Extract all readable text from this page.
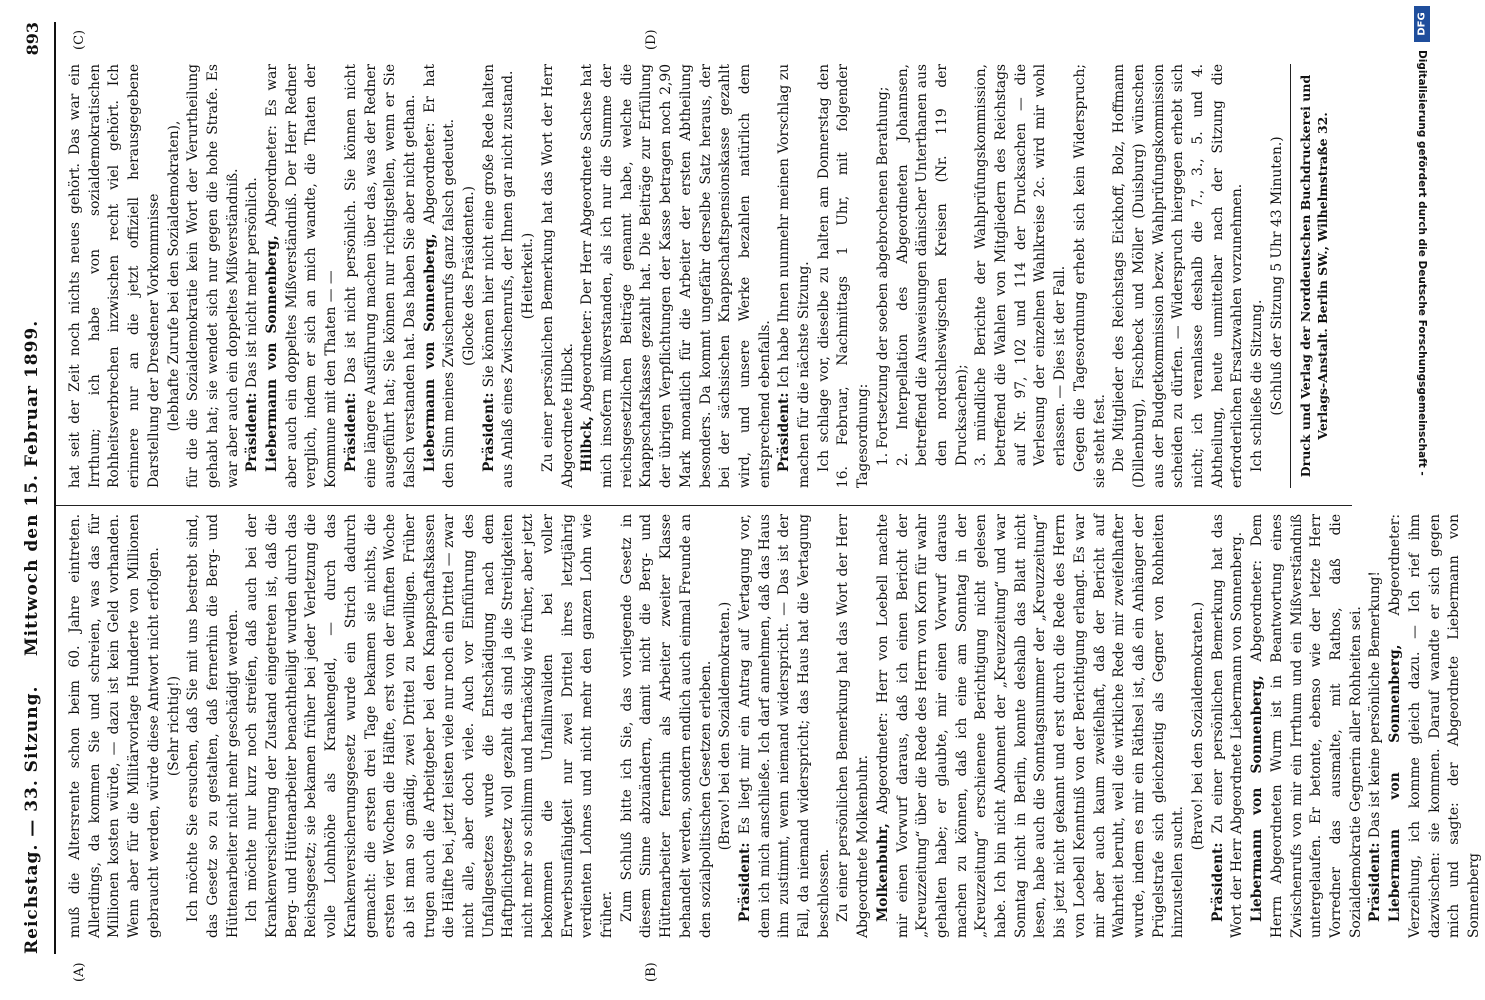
Reichstag. — 33. Sitzung.
Mittwoch den 15. Februar 1899.
893
(A)	(B)
(C)	(D)

muß die Altersrente schon beim 60. Jahre eintreten. Allerdings, da kommen Sie und schreien, was das für Millionen kosten würde, — dazu ist kein Geld vorhanden. Wenn aber für die Militärvorlage Hunderte von Millionen gebraucht werden, würde diese Antwort nicht erfolgen. (Sehr richtig!) Ich möchte Sie ersuchen, daß Sie mit uns bestrebt sind, das Gesetz so zu gestalten, daß fernerhin die Berg- und Hüttenarbeiter nicht mehr geschädigt werden. Ich möchte nur kurz noch streifen, daß auch bei der Krankenversicherung der Zustand eingetreten ist, daß die Berg- und Hüttenarbeiter benachtheiligt wurden durch das Reichsgesetz; sie bekamen früher bei jeder Verletzung die volle Lohnhöhe als Krankengeld, — durch das Krankenversicherungsgesetz wurde ein Strich dadurch gemacht: die ersten drei Tage bekamen sie nichts, die ersten vier Wochen die Hälfte, erst von der fünften Woche ab ist man so gnädig, zwei Drittel zu bewilligen. Früher trugen auch die Arbeitgeber bei den Knappschaftskassen die Hälfte bei, jetzt leisten viele nur noch ein Drittel — zwar nicht alle, aber doch viele. Auch vor Einführung des Unfallgesetzes wurde die Entschädigung nach dem Haftpflichtgesetz voll gezahlt da sind ja die Streitigkeiten nicht mehr so schlimm und hartnäckig wie früher, aber jetzt bekommen die Unfallinvaliden bei voller Erwerbsunfähigkeit nur zwei Drittel ihres letztjährig verdienten Lohnes und nicht mehr den ganzen Lohn wie früher. Zum Schluß bitte ich Sie, das vorliegende Gesetz in diesem Sinne abzuändern, damit nicht die Berg- und Hüttenarbeiter fernerhin als Arbeiter zweiter Klasse behandelt werden, sondern endlich auch einmal Freunde an den sozialpolitischen Gesetzen erleben. (Bravo! bei den Sozialdemokraten.)

Präsident: Es liegt mir ein Antrag auf Vertagung vor, dem ich mich anschließe. Ich darf annehmen, daß das Haus ihm zustimmt, wenn niemand widerspricht. — Das ist der Fall, da niemand widerspricht; das Haus hat die Vertagung beschlossen. Zu einer persönlichen Bemerkung hat das Wort der Herr Abgeordnete Molkenbuhr. Molkenbuhr, Abgeordneter: Herr von Loebell machte mir einen Vorwurf daraus, daß ich einen Bericht der „Kreuzzeitung“ über die Rede des Herrn von Korn für wahr gehalten habe; er glaubte, mir einen Vorwurf daraus machen zu können, daß ich eine am Sonntag in der „Kreuzzeitung“ erschienene Berichtigung nicht gelesen habe. Ich bin nicht Abonnent der „Kreuzzeitung“ und war Sonntag nicht in Berlin, konnte deshalb das Blatt nicht lesen, habe auch die Sonntagsnummer der „Kreuzzeitung“ bis jetzt nicht gekannt und erst durch die Rede des Herrn von Loebell Kenntniß von der Berichtigung erlangt. Es war mir aber auch kaum zweifelhaft, daß der Bericht auf Wahrheit beruht, weil die wirkliche Rede mir zweifelhafter wurde, indem es mir ein Räthsel ist, daß ein Anhänger der Prügelstrafe sich gleichzeitig als Gegner von Rohheiten hinzustellen sucht.

(Bravo! bei den Sozialdemokraten.)

Präsident: Zu einer persönlichen Bemerkung hat das Wort der Herr Abgeordnete Liebermann von Sonnenberg. Liebermann von Sonnenberg, Abgeordneter: Dem Herrn Abgeordneten Wurm ist in Beantwortung eines Zwischenrufs von mir ein Irrthum und ein Mißverständniß untergelaufen. Er betonte, ebenso wie der letzte Herr Vorredner das ausmalte, mit Rathos, daß die Sozialdemokratie Gegnerin aller Rohheiten sei. Präsident: Das ist keine persönliche Bemerkung! Liebermann von Sonnenberg, Abgeordneter: Verzeihung, ich komme gleich dazu. — Ich rief ihm dazwischen: sie kommen. Darauf wandte er sich gegen mich und sagte: der Abgeordnete Liebermann von Sonnenberg

hat seit der Zeit noch nichts neues gehört. Das war ein Irrthum; ich habe von sozialdemokratischen Rohheitsverbrechen inzwischen recht viel gehört. Ich erinnere nur an die jetzt offiziell herausgegebene Darstellung der Dresdener Vorkommnisse (lebhafte Zurufe bei den Sozialdemokraten), für die die Sozialdemokratie kein Wort der Verurtheilung gehabt hat; sie wendet sich nur gegen die hohe Strafe. Es war aber auch ein doppeltes Mißverständniß. Präsident: Das ist nicht mehr persönlich. Liebermann von Sonnenberg, Abgeordneter: Es war aber auch ein doppeltes Mißverständniß. Der Herr Redner verglich, indem er sich an mich wandte, die Thaten der Kommune mit den Thaten — — Präsident: Das ist nicht persönlich. Sie können nicht eine längere Ausführung machen über das, was der Redner ausgeführt hat; Sie können nur richtigstellen, wenn er Sie falsch verstanden hat. Das haben Sie aber nicht gethan. Liebermann von Sonnenberg, Abgeordneter: Er hat den Sinn meines Zwischenrufs ganz falsch gedeutet. (Glocke des Präsidenten.)

Präsident: Sie können hier nicht eine große Rede halten aus Anlaß eines Zwischenrufs, der Ihnen gar nicht zustand. (Heiterkeit.) Zu einer persönlichen Bemerkung hat das Wort der Herr Abgeordnete Hilbck. Hilbck, Abgeordneter: Der Herr Abgeordnete Sachse hat mich insofern mißverstanden, als ich nur die Summe der reichsgesetzlichen Beiträge genannt habe, welche die Knappschaftskasse gezahlt hat. Die Beiträge zur Erfüllung der übrigen Verpflichtungen der Kasse betragen noch 2,90 Mark monatlich für die Arbeiter der ersten Abtheilung besonders. Da kommt ungefähr derselbe Satz heraus, der bei der sächsischen Knappschaftspensionskasse gezahlt wird, und unsere Werke bezahlen natürlich dem entsprechend ebenfalls. Präsident: Ich habe Ihnen nunmehr meinen Vorschlag zu machen für die nächste Sitzung. Ich schlage vor, dieselbe zu halten am Donnerstag den 16. Februar, Nachmittags 1 Uhr, mit folgender Tagesordnung: 1. Fortsetzung der soeben abgebrochenen Berathung; 2. Interpellation des Abgeordneten Johannsen, betreffend die Ausweisungen dänischer Unterthanen aus den nordschleswigschen Kreisen (Nr. 119 der Drucksachen); 3. mündliche Berichte der Wahlprüfungskommission, betreffend die Wahlen von Mitgliedern des Reichstags auf Nr. 97, 102 und 114 der Drucksachen — die Verlesung der einzelnen Wahlkreise 2c. wird mir wohl erlassen. — Dies ist der Fall. Gegen die Tagesordnung erhebt sich kein Widerspruch; sie steht fest. Die Mitglieder des Reichstags Eickhoff, Bolz, Hoffmann (Dillenburg), Fischbeck und Möller (Duisburg) wünschen aus der Budgetkommission bezw. Wahlprüfungskommission scheiden zu dürfen. — Widerspruch hiergegen erhebt sich nicht; ich veranlasse deshalb die 7., 3., 5. und 4. Abtheilung, heute unmittelbar nach der Sitzung die erforderlichen Ersatzwahlen vorzunehmen. Ich schließe die Sitzung. (Schluß der Sitzung 5 Uhr 43 Minuten.)	Druck und Verlag der Norddeutschen Buchdruckerei und Verlags-Anstalt. Berlin SW., Wilhelmstraße 32.
DFG
Digitalisierung gefördert durch die Deutsche Forschungsgemeinschaft -
